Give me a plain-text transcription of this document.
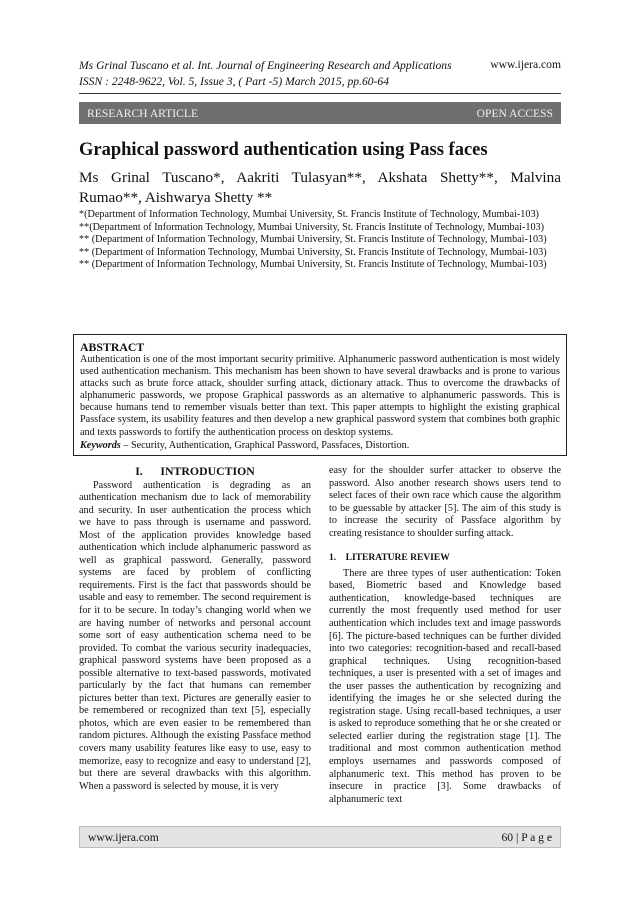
Ms Grinal Tuscano et al. Int. Journal of Engineering Research and Applications	www.ijera.com
ISSN : 2248-9622, Vol. 5, Issue 3, ( Part -5) March 2015, pp.60-64
RESEARCH ARTICLE	OPEN ACCESS
Graphical password authentication using Pass faces
Ms Grinal Tuscano*, Aakriti Tulasyan**, Akshata Shetty**, Malvina Rumao**, Aishwarya Shetty **
*(Department of Information Technology, Mumbai University, St. Francis Institute of Technology, Mumbai-103)
**(Department of Information Technology, Mumbai University, St. Francis Institute of Technology, Mumbai-103)
** (Department of Information Technology, Mumbai University, St. Francis Institute of Technology, Mumbai-103)
** (Department of Information Technology, Mumbai University, St. Francis Institute of Technology, Mumbai-103)
** (Department of Information Technology, Mumbai University, St. Francis Institute of Technology, Mumbai-103)
ABSTRACT
Authentication is one of the most important security primitive. Alphanumeric password authentication is most widely used authentication mechanism. This mechanism has been shown to have several drawbacks and is prone to various attacks such as brute force attack, shoulder surfing attack, dictionary attack. Thus to overcome the drawbacks of alphanumeric passwords, we propose Graphical passwords as an alternative to alphanumeric passwords. This is because humans tend to remember visuals better than text. This paper attempts to highlight the existing graphical Passface system, its usability features and then develop a new graphical password system that combines both graphic and texts passwords to fortify the authentication process on desktop systems.
Keywords – Security, Authentication, Graphical Password, Passfaces, Distortion.
I.      INTRODUCTION

Password authentication is degrading as an authentication mechanism due to lack of memorability and security. In user authentication the process which we have to pass through is username and password. Most of the application provides knowledge based authentication which include alphanumeric password as well as graphical password. Generally, password systems are faced by problem of conflicting requirements. First is the fact that passwords should be usable and easy to remember. The second requirement is for it to be secure. In today’s changing world when we are having number of networks and personal account some sort of easy authentication schema need to be provided. To combat the various security inadequacies, graphical password systems have been proposed as a possible alternative to text-based passwords, motivated particularly by the fact that humans can remember pictures better than text. Pictures are generally easier to be remembered or recognized than text [5], especially photos, which are even easier to be remembered than random pictures. Although the existing Passface method covers many usability features like easy to use, easy to memorize, easy to recognize and easy to understand [2], but there are several drawbacks with this algorithm. When a password is selected by mouse, it is very

easy for the shoulder surfer attacker to observe the password. Also another research shows users tend to select faces of their own race which cause the algorithm to be guessable by attacker [5]. The aim of this study is to increase the security of Passface algorithm by creating resistance to shoulder surfing attack.

1.    LITERATURE REVIEW

There are three types of user authentication: Token based, Biometric based and Knowledge based authentication, knowledge-based techniques are currently the most frequently used method for user authentication which includes text and image passwords [6]. The picture-based techniques can be further divided into two categories: recognition-based and recall-based graphical techniques. Using recognition-based techniques, a user is presented with a set of images and the user passes the authentication by recognizing and identifying the images he or she selected during the registration stage. Using recall-based techniques, a user is asked to reproduce something that he or she created or selected earlier during the registration stage [1]. The traditional and most common authentication method employs usernames and passwords composed of alphanumeric text. This method has proven to be insecure in practice [3]. Some drawbacks of alphanumeric text

www.ijera.com	60 | P a g e
